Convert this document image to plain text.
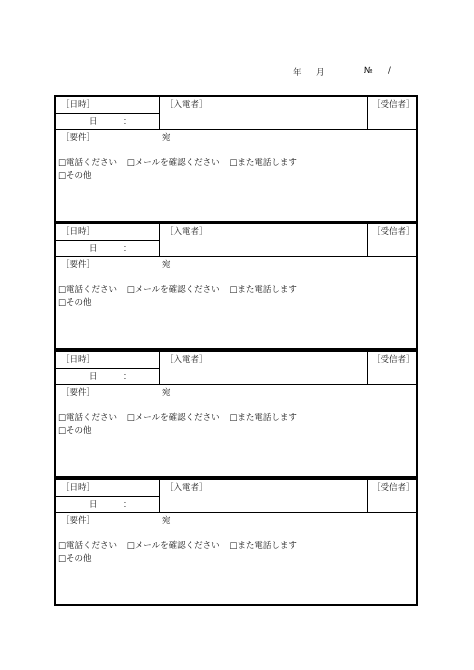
年 月	№ /
［日時］
日	：
［入電者］	［受信者］
［要件］	宛
□電話ください □メールを確認ください □また電話します
□その他
［日時］
日	：
［入電者］	［受信者］
［要件］	宛
□電話ください □メールを確認ください □また電話します
□その他
［日時］
日	：
［入電者］	［受信者］
［要件］	宛
□電話ください □メールを確認ください □また電話します
□その他
［日時］
日	：
［入電者］	［受信者］
［要件］	宛
□電話ください □メールを確認ください □また電話します
□その他
